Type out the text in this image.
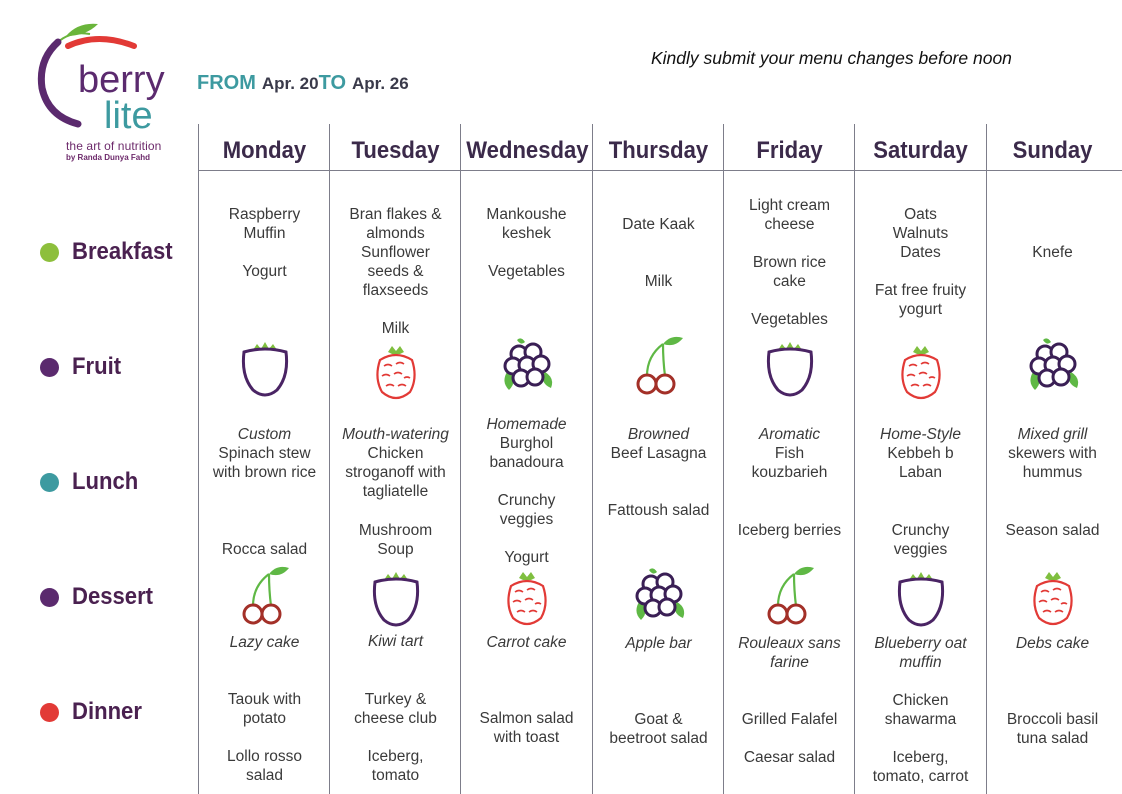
berry
lite
the art of nutrition
by Randa Dunya Fahd
FROM Apr. 20 TO Apr. 26
Kindly submit your menu changes before noon
Breakfast
Fruit
Lunch
Dessert
Dinner
Monday
Raspberry
Muffin
Yogurt
Custom
Spinach stew
with brown rice
Rocca salad
Lazy cake
Taouk with
potato
Lollo rosso
salad
Tuesday
Bran flakes &
almonds
Sunflower
seeds &
flaxseeds
Milk
Mouth-watering
Chicken
stroganoff with
tagliatelle
Mushroom
Soup
Kiwi tart
Turkey &
cheese club
Iceberg,
tomato
Wednesday
Mankoushe
keshek
Vegetables
Homemade
Burghol
banadoura
Crunchy
veggies
Yogurt
Carrot cake
Salmon salad
with toast
Thursday
Date Kaak
Milk
Browned
Beef Lasagna
Fattoush salad
Apple bar
Goat &
beetroot salad
Friday
Light cream
cheese
Brown rice
cake
Vegetables
Aromatic
Fish
kouzbarieh
Iceberg berries
Rouleaux sans farine
Grilled Falafel
Caesar salad
Saturday
Oats
Walnuts
Dates
Fat free fruity
yogurt
Home-Style
Kebbeh b
Laban
Crunchy
veggies
Blueberry oat muffin
Chicken
shawarma
Iceberg,
tomato, carrot
Sunday
Knefe
Mixed grill
skewers with
hummus
Season salad
Debs cake
Broccoli basil
tuna salad
